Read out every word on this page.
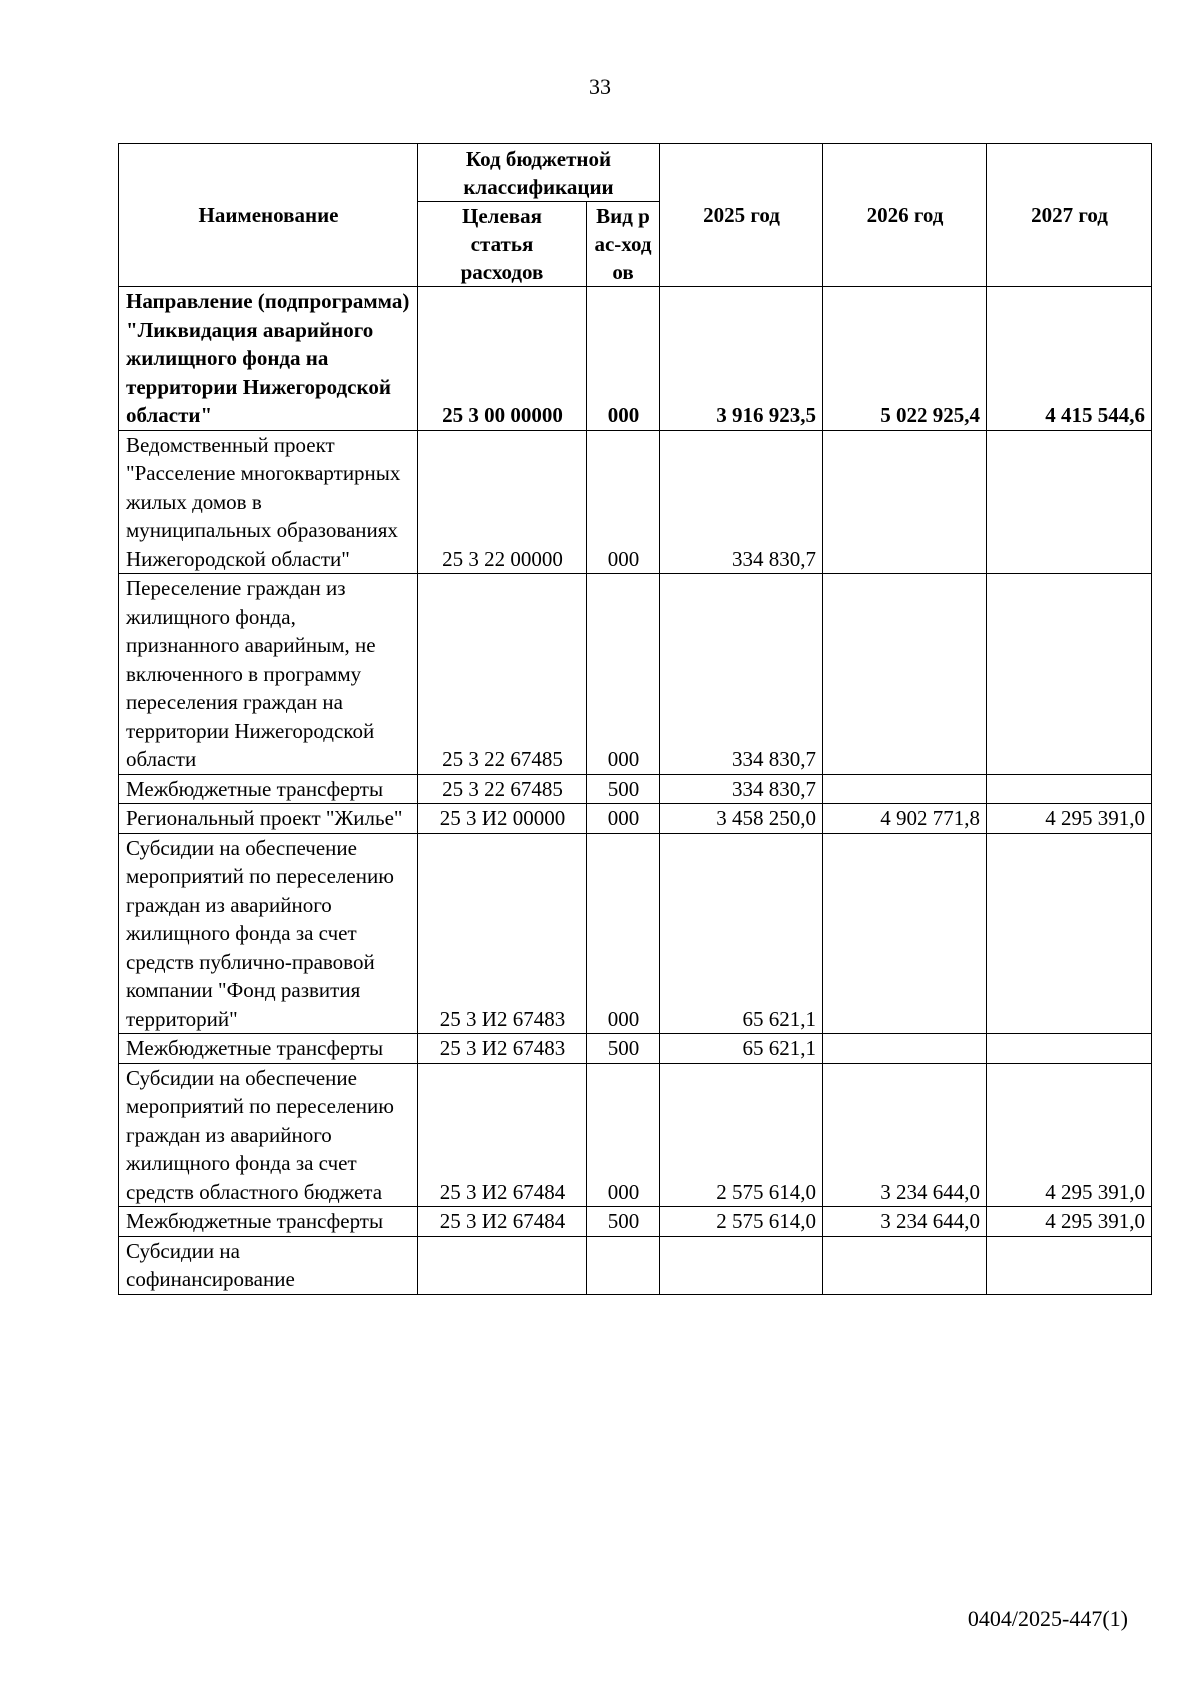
33
Наименование	Код бюджетной классификации		2025 год	2026 год	2027 год
	Целевая статья расходов	Вид рас-ходов			
Направление (подпрограмма) "Ликвидация аварийного жилищного фонда на территории Нижегородской области"	25 3 00 00000	000	3 916 923,5	5 022 925,4	4 415 544,6
Ведомственный проект "Расселение многоквартирных жилых домов в муниципальных образованиях Нижегородской области"	25 3 22 00000	000	334 830,7		
Переселение граждан из жилищного фонда, признанного аварийным, не включенного в программу переселения граждан на территории Нижегородской области	25 3 22 67485	000	334 830,7		
Межбюджетные трансферты	25 3 22 67485	500	334 830,7		
Региональный проект "Жилье"	25 3 И2 00000	000	3 458 250,0	4 902 771,8	4 295 391,0
Субсидии на обеспечение мероприятий по переселению граждан из аварийного жилищного фонда за счет средств публично-правовой компании "Фонд развития территорий"	25 3 И2 67483	000	65 621,1		
Межбюджетные трансферты	25 3 И2 67483	500	65 621,1		
Субсидии на обеспечение мероприятий по переселению граждан из аварийного жилищного фонда за счет средств областного бюджета	25 3 И2 67484	000	2 575 614,0	3 234 644,0	4 295 391,0
Межбюджетные трансферты	25 3 И2 67484	500	2 575 614,0	3 234 644,0	4 295 391,0
Субсидии на софинансирование					
0404/2025-447(1)
